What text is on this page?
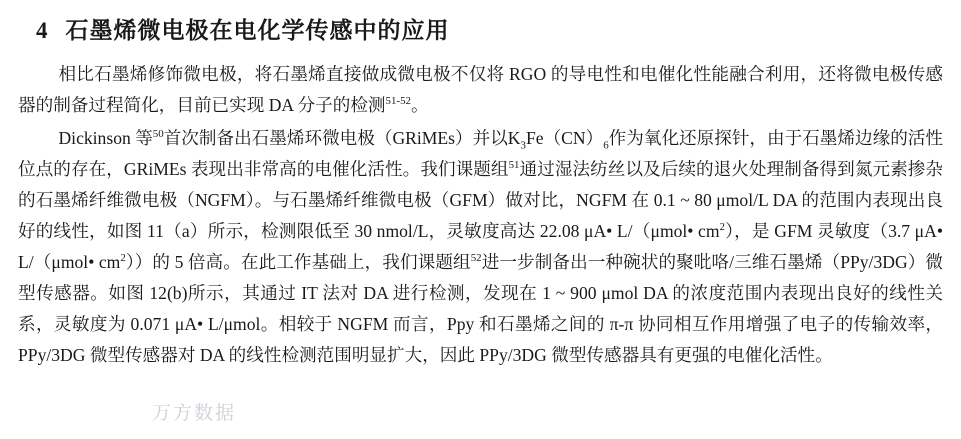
4 石墨烯微电极在电化学传感中的应用

相比石墨烯修饰微电极，将石墨烯直接做成微电极不仅将 RGO 的导电性和电催化性能融合利用，还将微电极传感器的制备过程简化，目前已实现 DA 分子的检测$^{51-52}$。

Dickinson 等$^{50}$首次制备出石墨烯环微电极（GRiMEs）并以$K_3Fe(CN)_6$作为氧化还原探针，由于石墨烯边缘的活性位点的存在，GRiMEs 表现出非常高的电催化活性。我们课题组$^{51}$通过湿法纺丝以及后续的退火处理制备得到氮元素掺杂的石墨烯纤维微电极（NGFM）。与石墨烯纤维微电极（GFM）做对比，NGFM 在 0.1 ~ 80 μmol/L DA 的范围内表现出良好的线性，如图 11（a）所示，检测限低至 30 nmol/L，灵敏度高达 22.08 μA• L/（μmol• $cm^2$），是 GFM 灵敏度（3.7 μA• L/（μmol• $cm^2$））的 5 倍高。在此工作基础上，我们课题组$^{52}$进一步制备出一种碗状的聚吡咯/三维石墨烯（PPy/3DG）微型传感器。如图 12(b)所示，其通过 IT 法对 DA 进行检测，发现在 1 ~ 900 μmol DA 的浓度范围内表现出良好的线性关系，灵敏度为 0.071 μA• L/μmol。相较于 NGFM 而言，Ppy 和石墨烯之间的 π-π 协同相互作用增强了电子的传输效率，PPy/3DG 微型传感器对 DA 的线性检测范围明显扩大，因此 PPy/3DG 微型传感器具有更强的电催化活性。

万方数据
